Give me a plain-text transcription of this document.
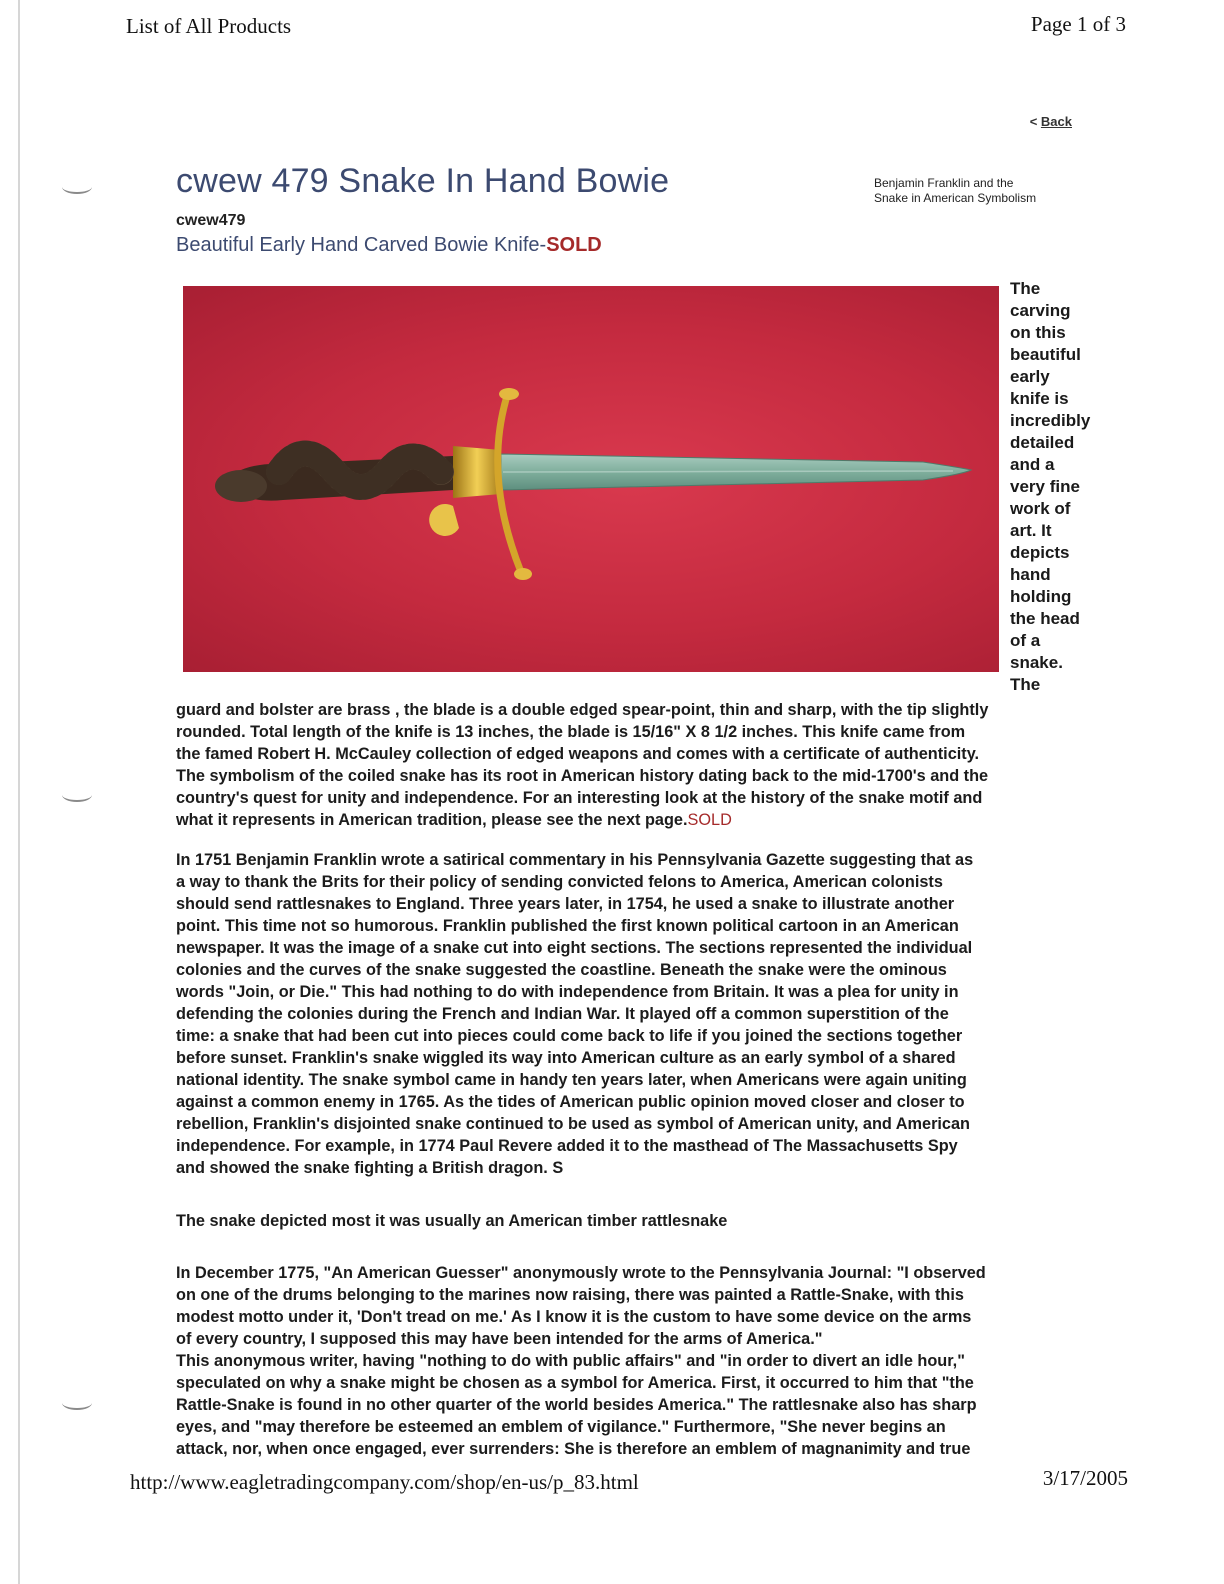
List of All Products	Page 1 of 3
< Back
cwew 479 Snake In Hand Bowie
cwew479
Beautiful Early Hand Carved Bowie Knife-SOLD
Benjamin Franklin and the
Snake in American Symbolism
The
carving
on this
beautiful
early
knife is
incredibly
detailed
and a
very fine
work of
art. It
depicts
hand
holding
the head
of a
snake.
The
guard and bolster are brass , the blade is a double edged spear-point, thin and sharp, with the tip slightly
rounded. Total length of the knife is 13 inches, the blade is 15/16" X 8 1/2 inches. This knife came from
the famed Robert H. McCauley collection of edged weapons and comes with a certificate of authenticity.
The symbolism of the coiled snake has its root in American history dating back to the mid-1700's and the
country's quest for unity and independence. For an interesting look at the history of the snake motif and
what it represents in American tradition, please see the next page.SOLD
In 1751 Benjamin Franklin wrote a satirical commentary in his Pennsylvania Gazette suggesting that as
a way to thank the Brits for their policy of sending convicted felons to America, American colonists
should send rattlesnakes to England. Three years later, in 1754, he used a snake to illustrate another
point. This time not so humorous. Franklin published the first known political cartoon in an American
newspaper. It was the image of a snake cut into eight sections. The sections represented the individual
colonies and the curves of the snake suggested the coastline. Beneath the snake were the ominous
words "Join, or Die." This had nothing to do with independence from Britain. It was a plea for unity in
defending the colonies during the French and Indian War. It played off a common superstition of the
time: a snake that had been cut into pieces could come back to life if you joined the sections together
before sunset. Franklin's snake wiggled its way into American culture as an early symbol of a shared
national identity. The snake symbol came in handy ten years later, when Americans were again uniting
against a common enemy in 1765. As the tides of American public opinion moved closer and closer to
rebellion, Franklin's disjointed snake continued to be used as symbol of American unity, and American
independence. For example, in 1774 Paul Revere added it to the masthead of The Massachusetts Spy
and showed the snake fighting a British dragon. S
The snake depicted most it was usually an American timber rattlesnake
In December 1775, "An American Guesser" anonymously wrote to the Pennsylvania Journal: "I observed
on one of the drums belonging to the marines now raising, there was painted a Rattle-Snake, with this
modest motto under it, 'Don't tread on me.' As I know it is the custom to have some device on the arms
of every country, I supposed this may have been intended for the arms of America."
This anonymous writer, having "nothing to do with public affairs" and "in order to divert an idle hour,"
speculated on why a snake might be chosen as a symbol for America. First, it occurred to him that "the
Rattle-Snake is found in no other quarter of the world besides America." The rattlesnake also has sharp
eyes, and "may therefore be esteemed an emblem of vigilance." Furthermore, "She never begins an
attack, nor, when once engaged, ever surrenders: She is therefore an emblem of magnanimity and true
http://www.eagletradingcompany.com/shop/en-us/p_83.html	3/17/2005
